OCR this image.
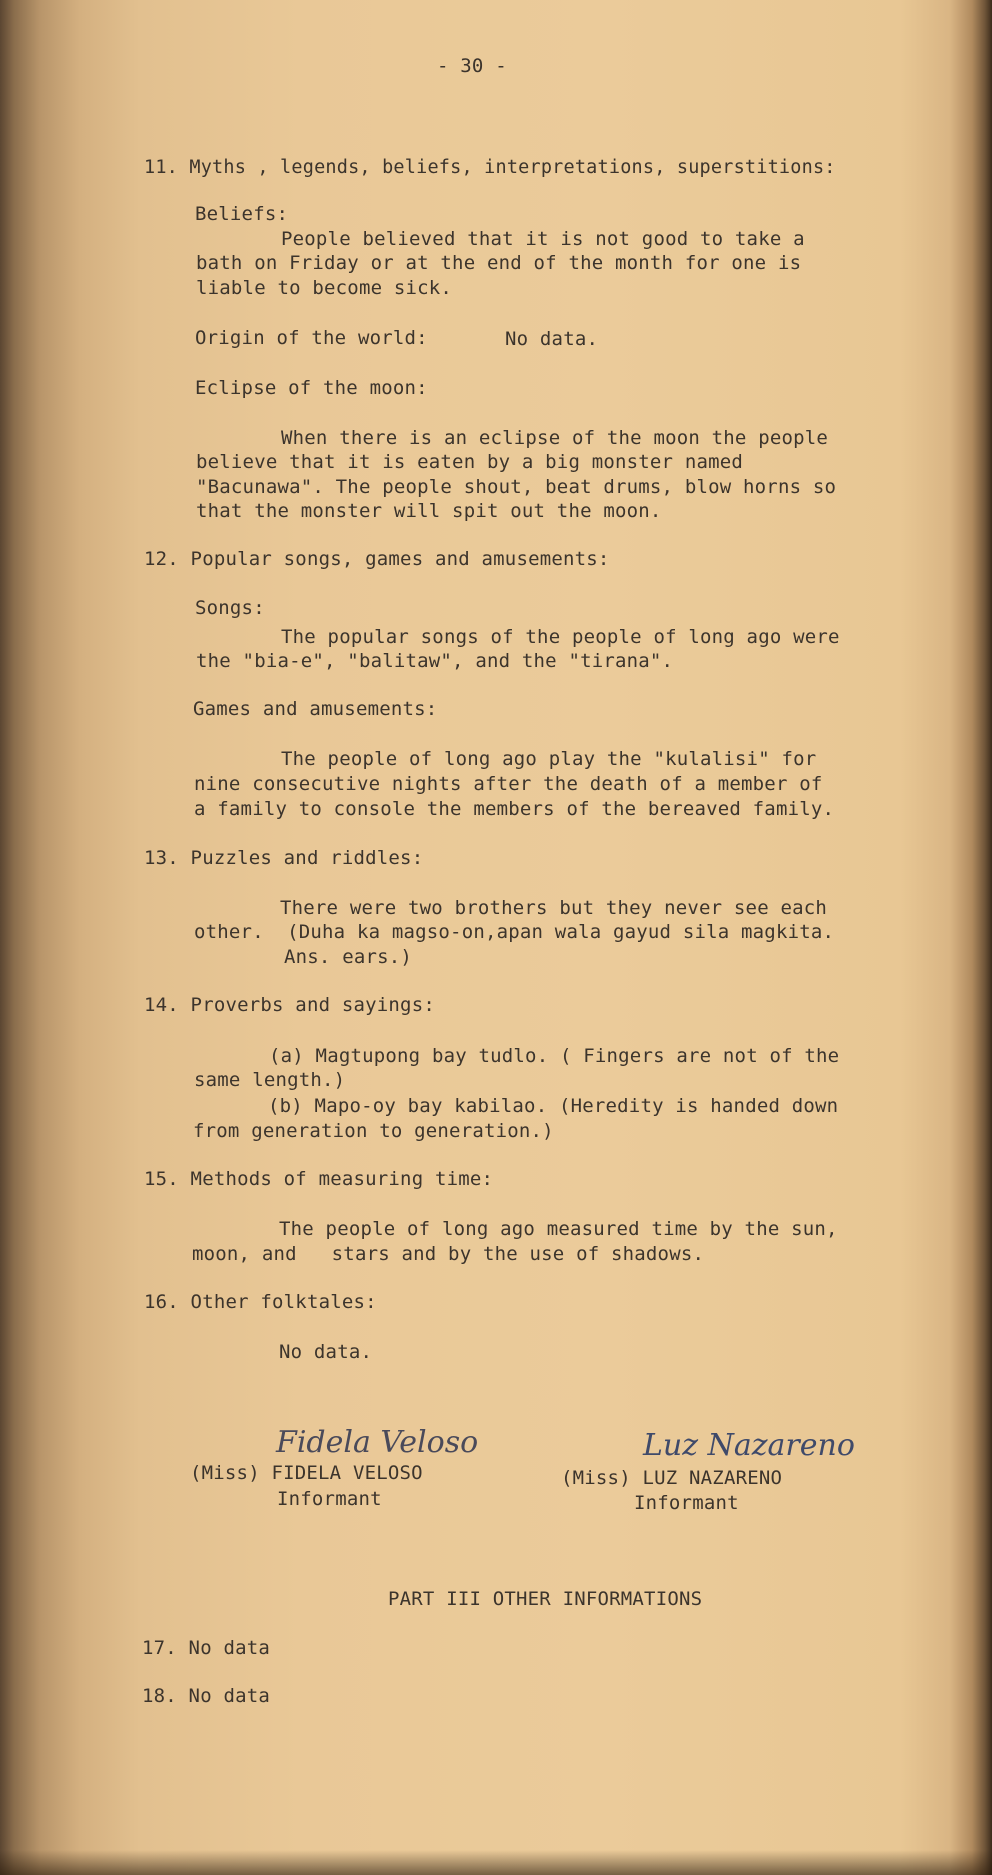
- 30 -
11. Myths , legends, beliefs, interpretations, superstitions:
Beliefs:

People believed that it is not good to take a

bath on Friday or at the end of the month for one is

liable to become sick.

Origin of the world:	No data.
Eclipse of the moon:

When there is an eclipse of the moon the people

believe that it is eaten by a big monster named

"Bacunawa". The people shout, beat drums, blow horns so

that the monster will spit out the moon.

12. Popular songs, games and amusements:
Songs:

The popular songs of the people of long ago were

the "bia-e", "balitaw", and the "tirana".

Games and amusements:

The people of long ago play the "kulalisi" for

nine consecutive nights after the death of a member of

a family to console the members of the bereaved family.

13. Puzzles and riddles:

There were two brothers but they never see each

other.  (Duha ka magso-on,apan wala gayud sila magkita.

Ans. ears.)

14. Proverbs and sayings:

(a) Magtupong bay tudlo. ( Fingers are not of the

same length.)

(b) Mapo-oy bay kabilao. (Heredity is handed down

from generation to generation.)

15. Methods of measuring time:

The people of long ago measured time by the sun,

moon, and   stars and by the use of shadows.

16. Other folktales:
No data.
Fidela Veloso
(Miss) FIDELA VELOSO
Informant
Luz Nazareno
(Miss) LUZ NAZARENO
Informant
PART III OTHER INFORMATIONS
17. No data
18. No data
